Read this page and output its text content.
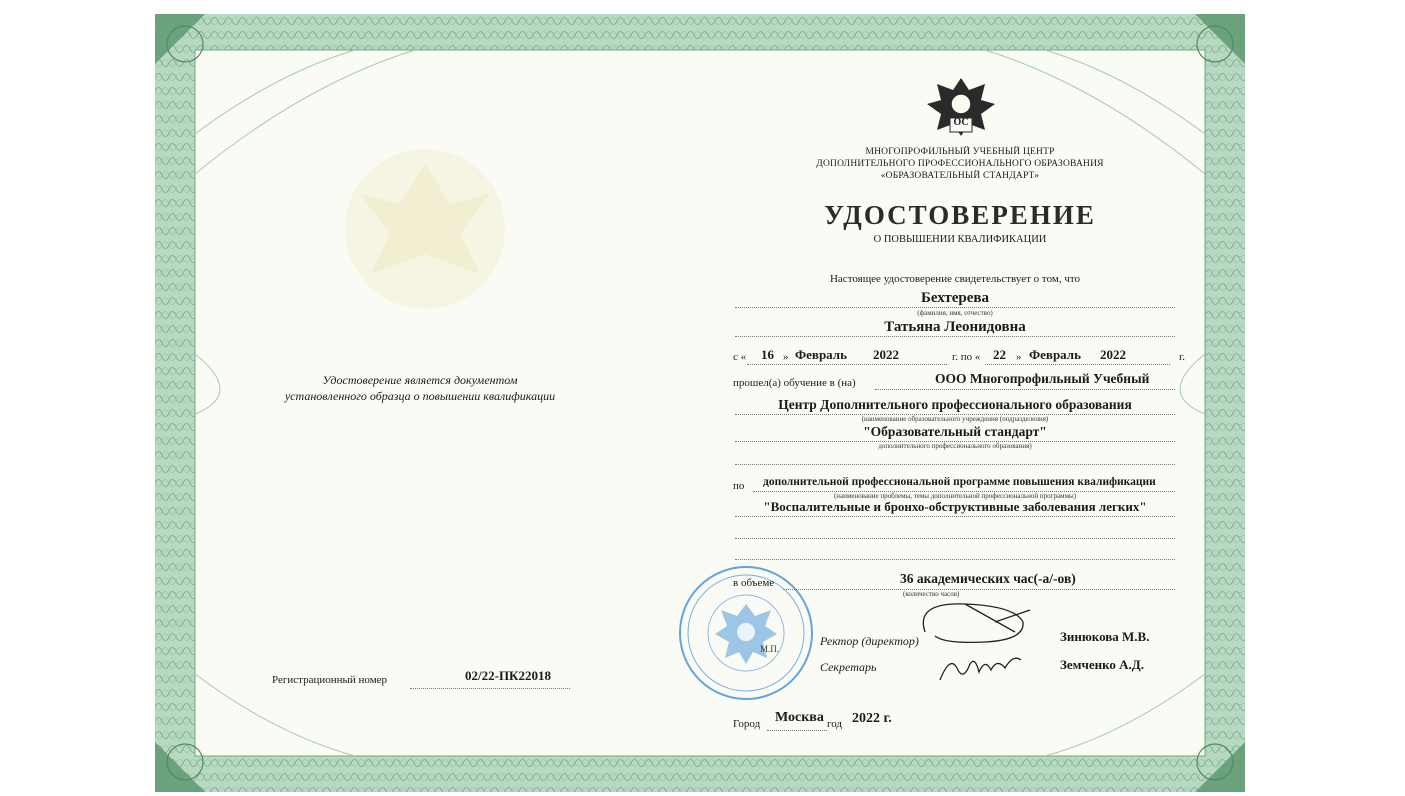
Удостоверение является документом
установленного образца о повышении квалификации
Регистрационный номер	02/22-ПК22018
ОС
МНОГОПРОФИЛЬНЫЙ УЧЕБНЫЙ ЦЕНТР
ДОПОЛНИТЕЛЬНОГО ПРОФЕССИОНАЛЬНОГО ОБРАЗОВАНИЯ
«ОБРАЗОВАТЕЛЬНЫЙ СТАНДАРТ»
УДОСТОВЕРЕНИЕ
О ПОВЫШЕНИИ КВАЛИФИКАЦИИ
Настоящее удостоверение свидетельствует о том, что
Бехтерева
(фамилия, имя, отчество)
Татьяна Леонидовна
с « 16 » Февраль 2022	г. по « 22 » Февраль 2022	г.
прошел(а) обучение в (на)	ООО Многопрофильный Учебный
Центр Дополнительного профессионального образования
(наименование образовательного учреждения (подразделения)
"Образовательный стандарт"
дополнительного профессионального образования)
по дополнительной профессиональной программе повышения квалификации
(наименование проблемы, темы дополнительной профессиональной программы)
"Воспалительные и бронхо-обструктивные заболевания легких"
М.П.
в объеме	36 академических час(-а/-ов)
(количество часов)
Ректор (директор)	Зинюкова М.В.
Секретарь	Земченко А.Д.
Город Москва год 2022 г.
